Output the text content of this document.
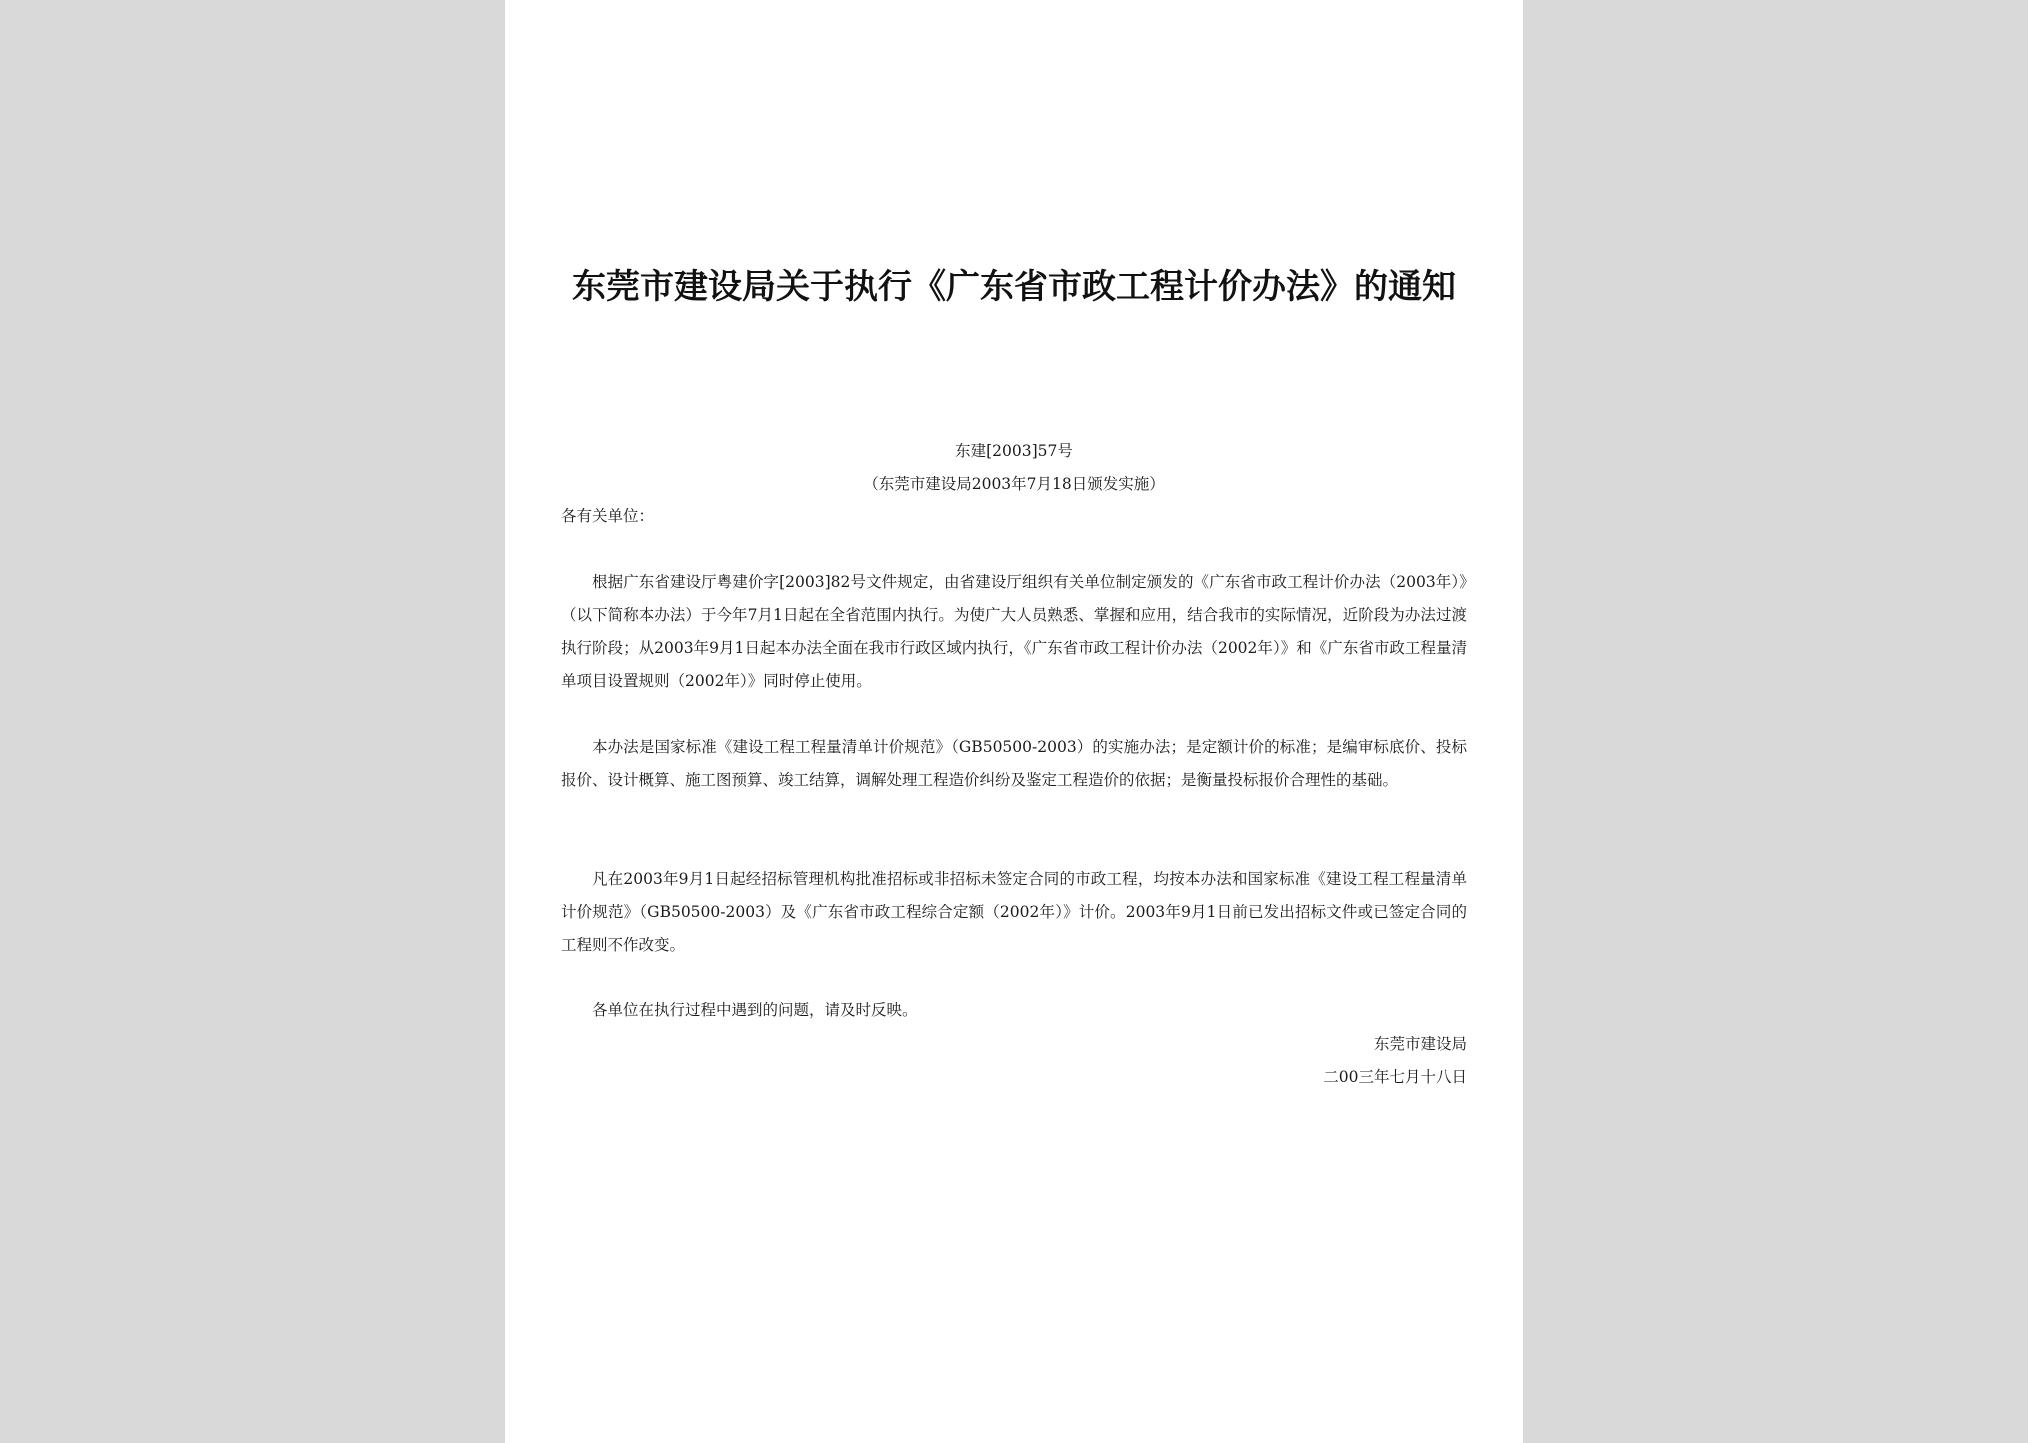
东莞市建设局关于执行《广东省市政工程计价办法》的通知
东建[2003]57号
（东莞市建设局2003年7月18日颁发实施）
各有关单位：

根据广东省建设厅粤建价字[2003]82号文件规定，由省建设厅组织有关单位制定颁发的《广东省市政工程计价办法（2003年）》（以下简称本办法）于今年7月1日起在全省范围内执行。为使广大人员熟悉、掌握和应用，结合我市的实际情况，近阶段为办法过渡执行阶段；从2003年9月1日起本办法全面在我市行政区域内执行，《广东省市政工程计价办法（2002年）》和《广东省市政工程量清单项目设置规则（2002年）》同时停止使用。

本办法是国家标准《建设工程工程量清单计价规范》（GB50500-2003）的实施办法；是定额计价的标准；是编审标底价、投标报价、设计概算、施工图预算、竣工结算，调解处理工程造价纠纷及鉴定工程造价的依据；是衡量投标报价合理性的基础。

凡在2003年9月1日起经招标管理机构批准招标或非招标未签定合同的市政工程，均按本办法和国家标准《建设工程工程量清单计价规范》（GB50500-2003）及《广东省市政工程综合定额（2002年）》计价。2003年9月1日前已发出招标文件或已签定合同的工程则不作改变。

各单位在执行过程中遇到的问题，请及时反映。

东莞市建设局
二00三年七月十八日
